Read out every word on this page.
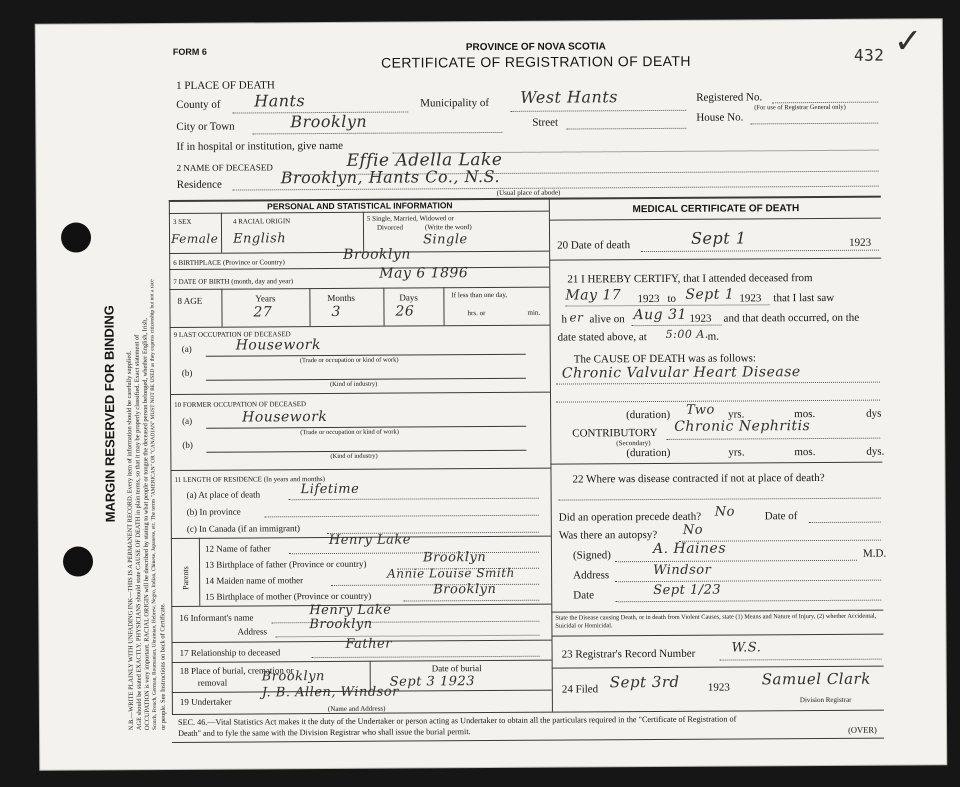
MARGIN RESERVED FOR BINDING N.B.—WRITE PLAINLY WITH UNFADING INK—THIS IS A PERMANENT RECORD. Every item of information should be carefully supplied.
AGE should be stated EXACTLY. PHYSICIANS should state CAUSE OF DEATH in plain terms, so that it may be properly classified. Exact statement of
OCCUPATION is very important. RACIAL ORIGIN will be described by stating to what people or tongue the deceased person belonged, whether English, Irish,
Scotch, French, German, Roumanian, Ukrainian, Hebrew, Negro, Indian, Chinese, Japanese, etc. The terms "AMERICAN" OR "CANADIAN" MUST NOT BE USED as they express citizenship but not a race or people. See Instructions on back of Certificate.
FORM 6	PROVINCE OF NOVA SCOTIA
CERTIFICATE OF REGISTRATION OF DEATH	432 ✓
1 PLACE OF DEATH
County of Hants	Municipality of West Hants	Registered No.
(For use of Registrar General only)
City or Town	Brooklyn	Street	House No.
If in hospital or institution, give name
2 NAME OF DECEASED	Effie Adella Lake
Residence	Brooklyn, Hants Co., N.S.
(Usual place of abode)
PERSONAL AND STATISTICAL INFORMATION
3 SEX
Female
4 RACIAL ORIGIN
English
5 Single, Married, Widowed or
Divorced	(Write the word)
Single
6 BIRTHPLACE (Province or Country)	Brooklyn
7 DATE OF BIRTH (month, day and year)	May 6 1896
8 AGE	Years
27
Months
3
Days
26
If less than one day,
hrs. or	min.
9 LAST OCCUPATION OF DECEASED
(a)	Housework
(Trade or occupation or kind of work)
(b)
(Kind of industry)
10 FORMER OCCUPATION OF DECEASED
(a)	Housework
(Trade or occupation or kind of work)
(b)
(Kind of industry)
11 LENGTH OF RESIDENCE (In years and months)
(a) At place of death	Lifetime
(b) In province
(c) In Canada (if an immigrant)
Parents
12 Name of father
Henry Lake
13 Birthplace of father (Province or country)	Brooklyn
14 Maiden name of mother	Annie Louise Smith
15 Birthplace of mother (Province or country)	Brooklyn
16 Informant's name	Henry Lake
Address	Brooklyn
17 Relationship to deceased
Father
18 Place of burial, cremation or
removal	Brooklyn
Date of burial
Sept 3 1923
19 Undertaker
J. B. Allen, Windsor
(Name and Address)
MEDICAL CERTIFICATE OF DEATH
20 Date of death	Sept 1	1923
21 I HEREBY CERTIFY, that I attended deceased from
May 17 1923 to Sept 1 1923 that I last saw
h er alive on Aug 31 1923 and that death occurred, on the
date stated above, at 5:00 A.
m.
The CAUSE OF DEATH was as follows:
Chronic Valvular Heart Disease
(duration) Two yrs.	mos.	dys
CONTRIBUTORY
(Secondary)
Chronic Nephritis
(duration)	yrs.	mos.	dys.
22 Where was disease contracted if not at place of death?
Did an operation precede death? No	Date of
Was there an autopsy? No
(Signed)	A. Haines	M.D.
Address	Windsor
Date	Sept 1/23
State the Disease causing Death, or in death from Violent Causes, state (1) Means and Nature of Injury, (2) whether Accidental, Suicidal or Homicidal.
23 Registrar's Record Number	W.S.
24 Filed Sept 3rd	1923 Samuel Clark
Division Registrar
SEC. 46.—Vital Statistics Act makes it the duty of the Undertaker or person acting as Undertaker to obtain all the particulars required in the "Certificate of Registration of
Death" and to fyle the same with the Division Registrar who shall issue the burial permit.	(OVER)
